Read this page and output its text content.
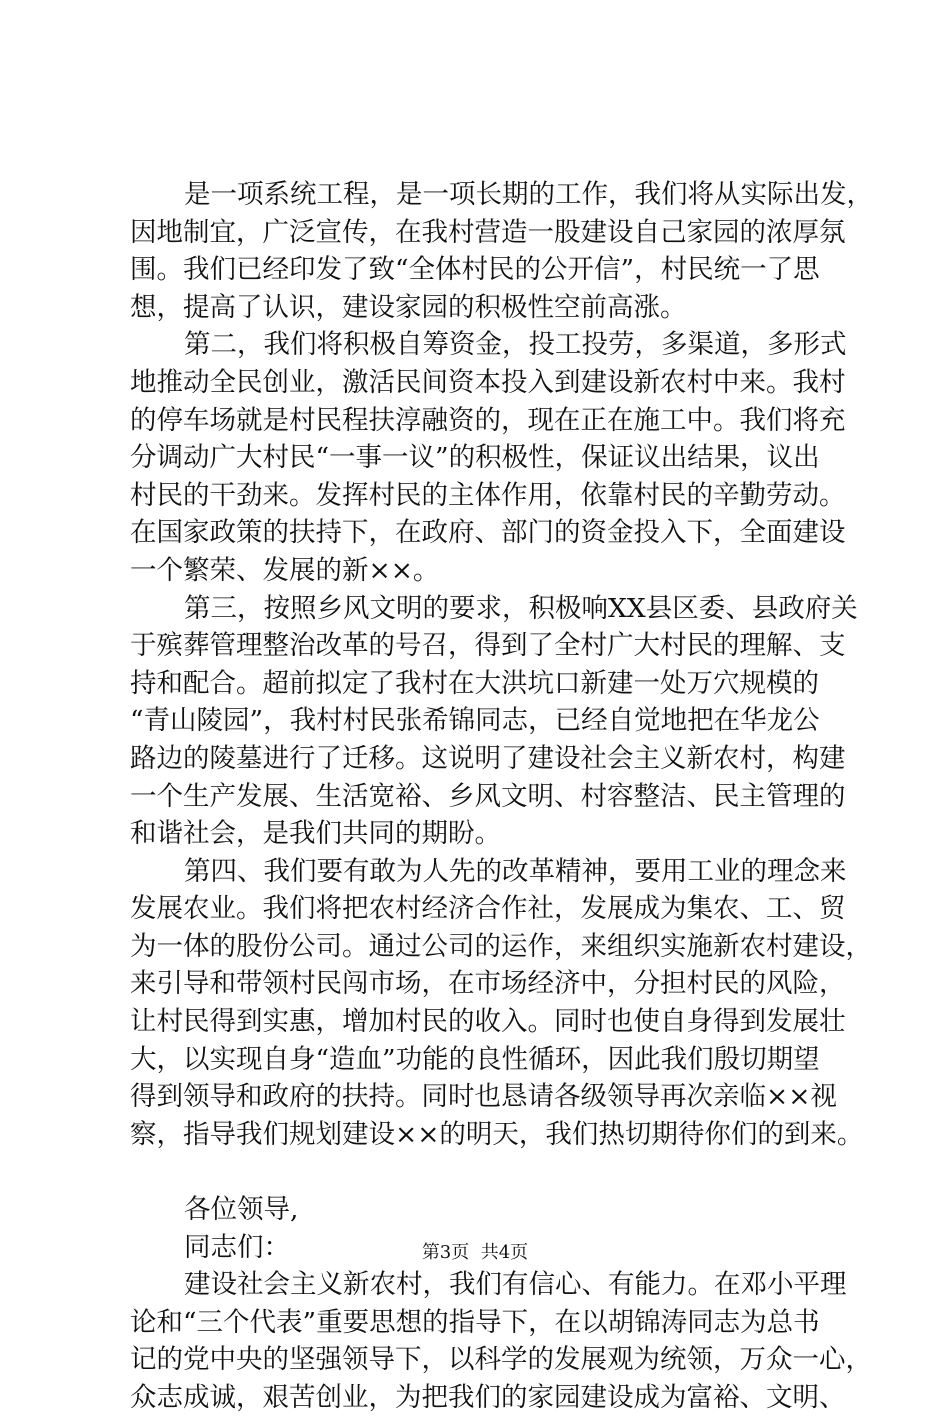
是一项系统工程，是一项长期的工作，我们将从实际出发，
因地制宜，广泛宣传，在我村营造一股建设自己家园的浓厚氛
围。我们已经印发了致“全体村民的公开信”，村民统一了思
想，提高了认识，建设家园的积极性空前高涨。
第二，我们将积极自筹资金，投工投劳，多渠道，多形式
地推动全民创业，激活民间资本投入到建设新农村中来。我村
的停车场就是村民程扶淳融资的，现在正在施工中。我们将充
分调动广大村民“一事一议”的积极性，保证议出结果，议出
村民的干劲来。发挥村民的主体作用，依靠村民的辛勤劳动。
在国家政策的扶持下，在政府、部门的资金投入下，全面建设
一个繁荣、发展的新××。
第三，按照乡风文明的要求，积极响XX县区委、县政府关
于殡葬管理整治改革的号召，得到了全村广大村民的理解、支
持和配合。超前拟定了我村在大洪坑口新建一处万穴规模的
“青山陵园”，我村村民张希锦同志，已经自觉地把在华龙公
路边的陵墓进行了迁移。这说明了建设社会主义新农村，构建
一个生产发展、生活宽裕、乡风文明、村容整洁、民主管理的
和谐社会，是我们共同的期盼。
第四、我们要有敢为人先的改革精神，要用工业的理念来
发展农业。我们将把农村经济合作社，发展成为集农、工、贸
为一体的股份公司。通过公司的运作，来组织实施新农村建设，
来引导和带领村民闯市场，在市场经济中，分担村民的风险，
让村民得到实惠，增加村民的收入。同时也使自身得到发展壮
大，以实现自身“造血”功能的良性循环，因此我们殷切期望
得到领导和政府的扶持。同时也恳请各级领导再次亲临××视
察，指导我们规划建设××的明天，我们热切期待你们的到来。
各位领导,
同志们：
建设社会主义新农村，我们有信心、有能力。在邓小平理
论和“三个代表”重要思想的指导下，在以胡锦涛同志为总书
记的党中央的坚强领导下，以科学的发展观为统领，万众一心，
众志成诚，艰苦创业，为把我们的家园建设成为富裕、文明、
第3页  共4页
